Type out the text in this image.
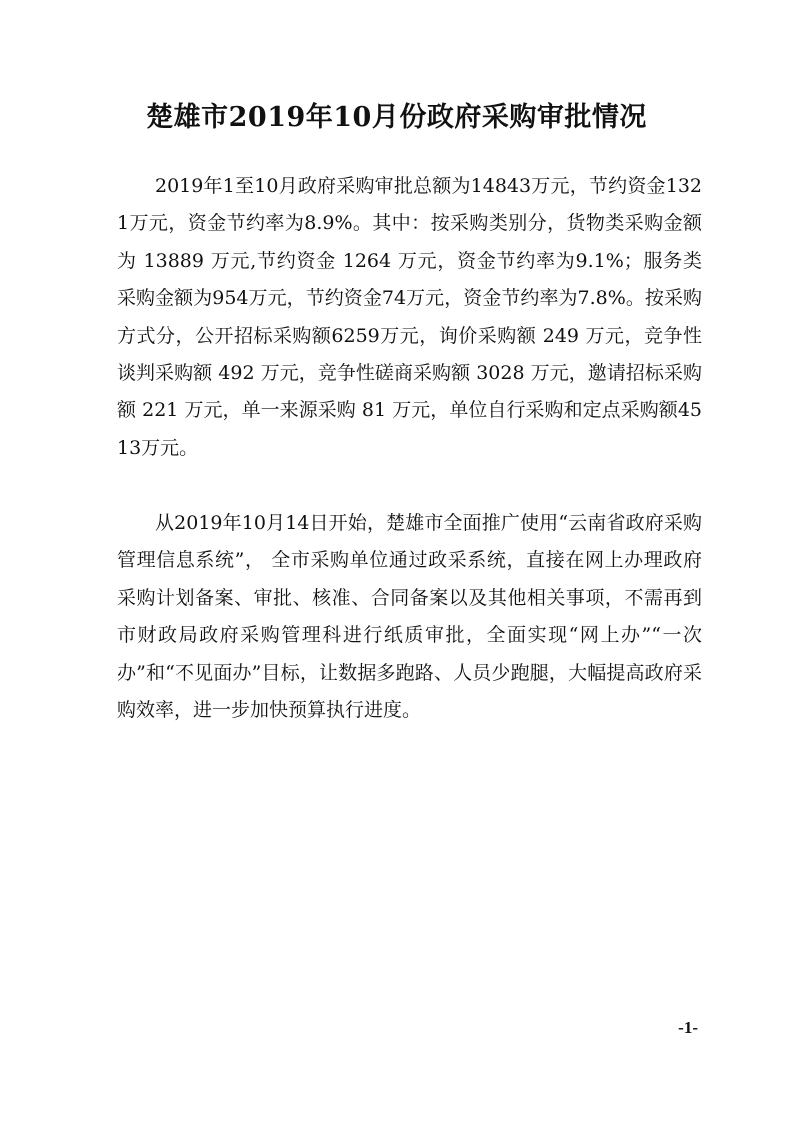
楚雄市2019年10月份政府采购审批情况

2019年1至10月政府采购审批总额为14843万元，节约资金1321万元，资金节约率为8.9%。其中：按采购类别分，货物类采购金额为 13889 万元,节约资金 1264 万元，资金节约率为9.1%；服务类采购金额为954万元，节约资金74万元，资金节约率为7.8%。按采购方式分，公开招标采购额6259万元，询价采购额 249 万元，竞争性谈判采购额 492 万元，竞争性磋商采购额 3028 万元，邀请招标采购额 221 万元，单一来源采购 81 万元，单位自行采购和定点采购额4513万元。

从2019年10月14日开始，楚雄市全面推广使用“云南省政府采购管理信息系统”， 全市采购单位通过政采系统，直接在网上办理政府采购计划备案、审批、核准、合同备案以及其他相关事项，不需再到市财政局政府采购管理科进行纸质审批，全面实现“网上办”“一次办”和“不见面办”目标，让数据多跑路、人员少跑腿，大幅提高政府采购效率，进一步加快预算执行进度。

-1-
